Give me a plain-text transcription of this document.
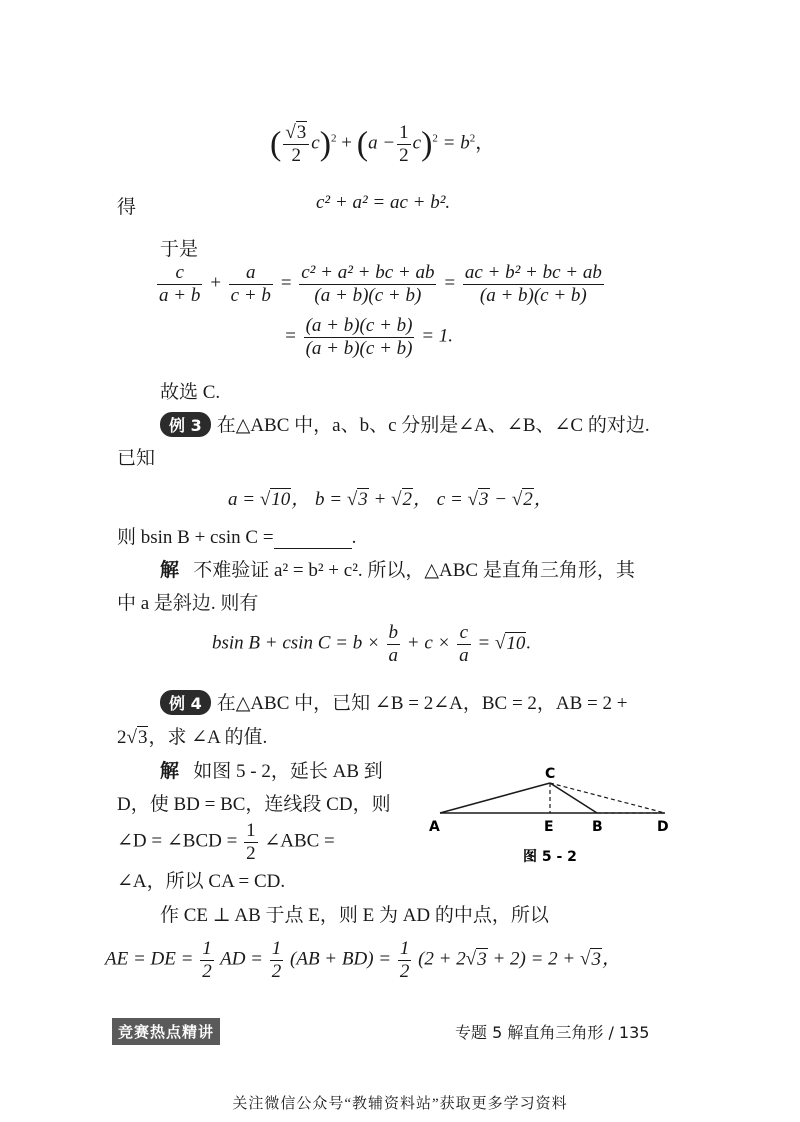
( $\frac{√3}{2} c)^2 + (a - \frac{1}{2} c)^2 = b^2$，
得	c² + a² = ac + b².
于是
$\frac{c}{a + b} + \frac{a}{c + b} = \frac{\text{c² + a² + bc + ab}}{(a + b)(c + b)} = \frac{\text{ac + b² + bc + ab}}{(a + b)(c + b)}$
= $\frac{(a + b)(c + b)}{(a + b)(c + b)} = 1$.
故选 C.
例 3 在△ABC 中，a、b、c 分别是∠A、∠B、∠C 的对边.
已知
a = √10， b = √3 + √2， c = √3 − √2，
则 bsin B + csin C =	.
解 不难验证 a² = b² + c². 所以，△ABC 是直角三角形，其
中 a 是斜边. 则有
bsin B + csin $C = b \times \frac{b}{a} + c \times \frac{c}{a} = √10$.
例 4 在△ABC 中，已知 ∠B = 2∠A，BC = 2，AB = 2 +
2√3，求 ∠A 的值.
解 如图 5 - 2，延长 AB 到
D，使 BD = BC，连线段 CD，则
∠D = ∠BCD = $\frac{1}{2}$ ∠ABC =
∠A，所以 CA = CD.
作 CE ⊥ AB 于点 E，则 E 为 AD 的中点，所以
AE = DE = $\frac{1}{2}$ AD = $\frac{1}{2} (AB + BD) = \frac{1}{2} (2 + 2√3 + 2) = 2 + √3$，
A
C
E	B	D
图 5 - 2
竞赛热点精讲	专题 5 解直角三角形 / 135
关注微信公众号“教辅资料站”获取更多学习资料
